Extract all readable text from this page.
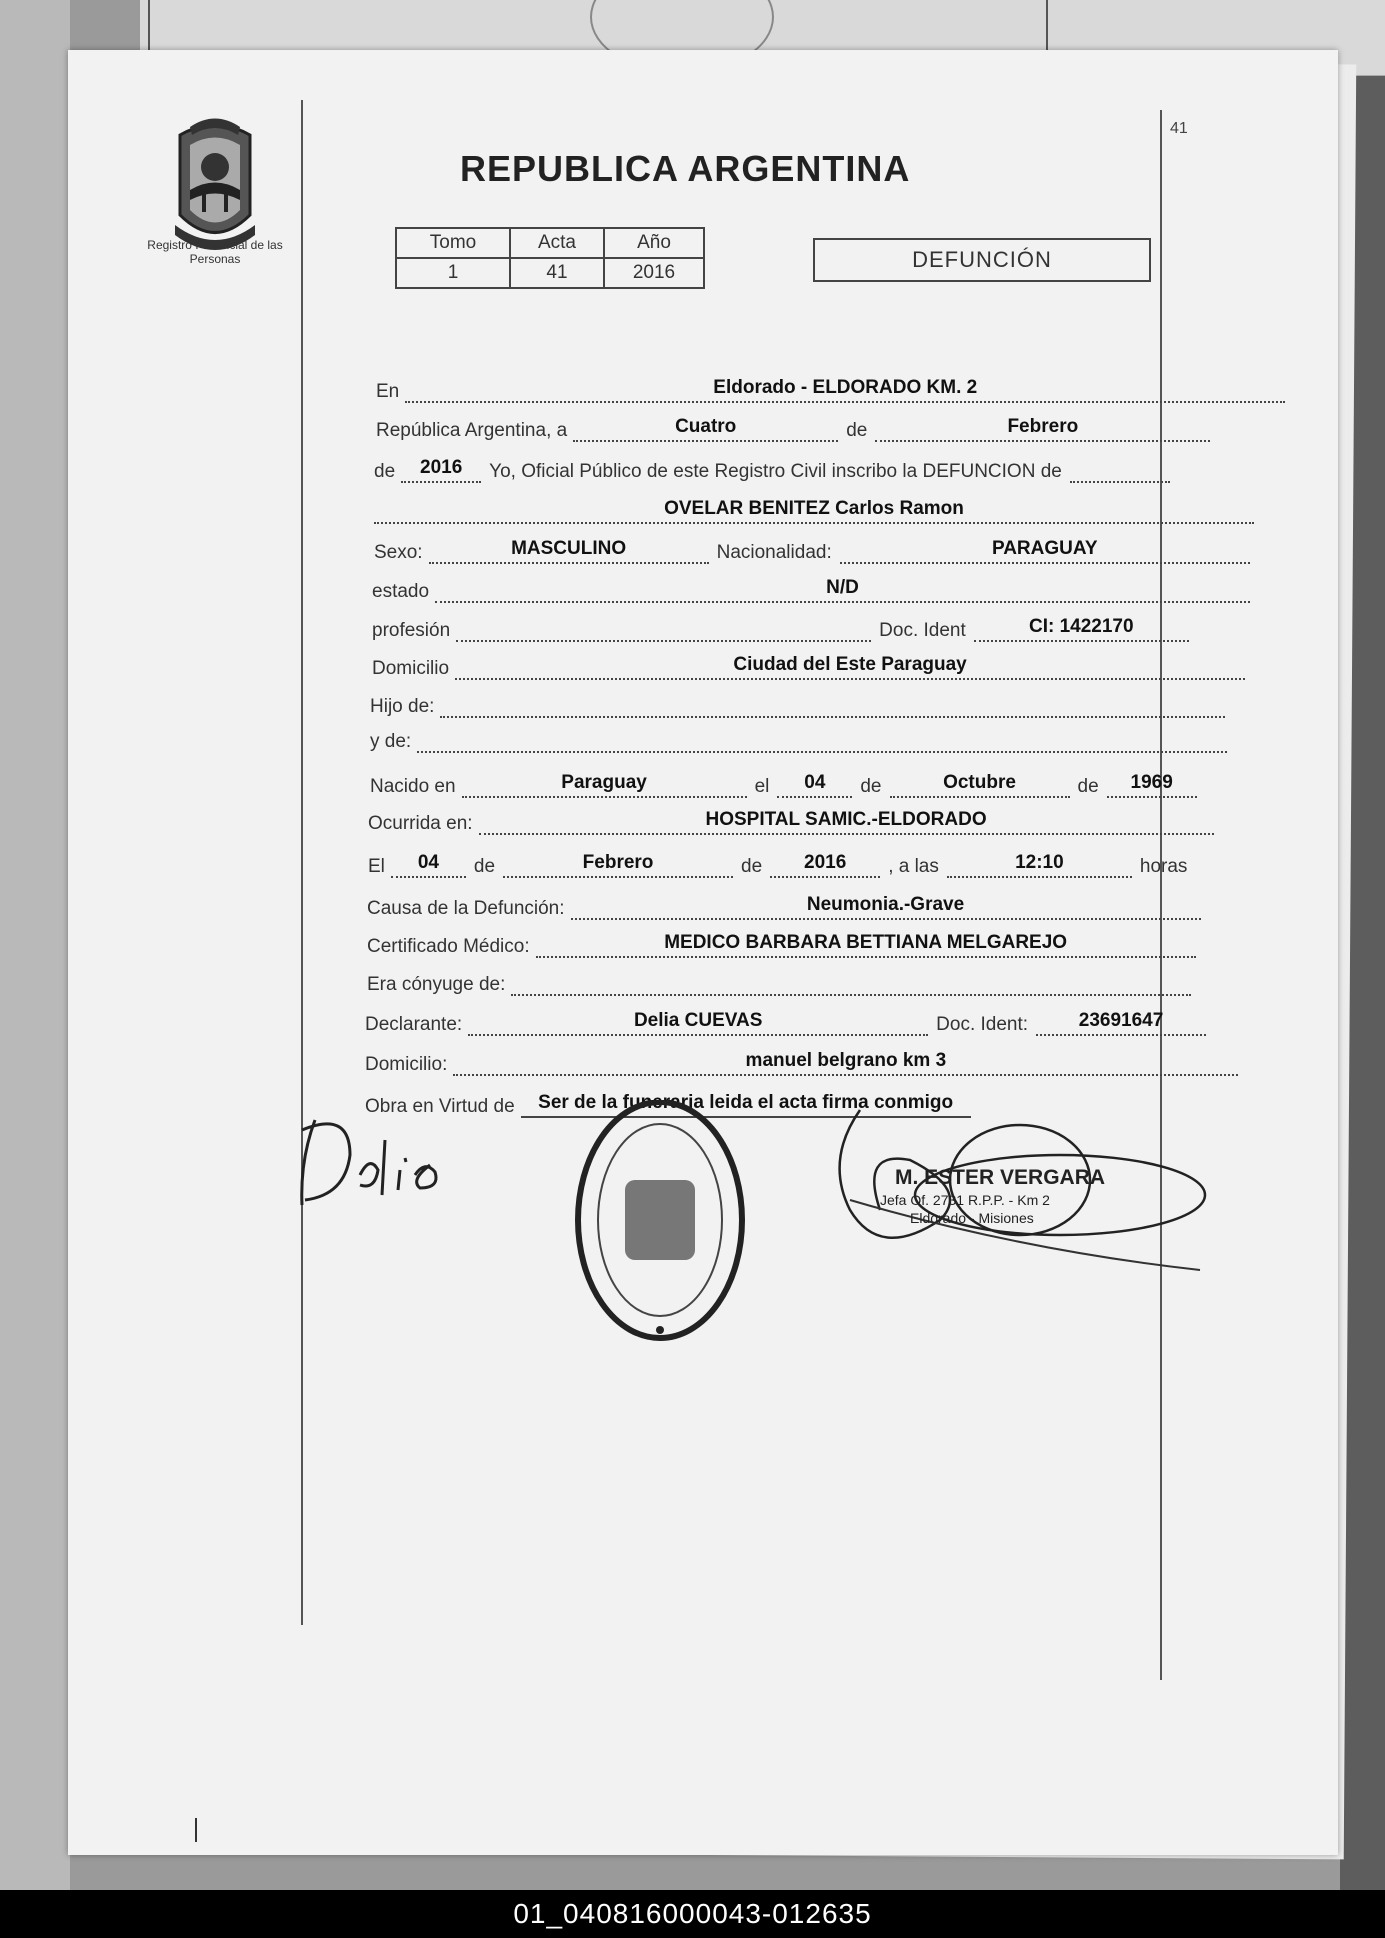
41
Registro Provincial de las Personas
REPUBLICA ARGENTINA
Tomo	Acta	Año
1	41	2016
DEFUNCIÓN
En	Eldorado - ELDORADO KM. 2
República Argentina, a	Cuatro	de	Febrero
de	2016	Yo, Oficial Público de este Registro Civil inscribo la DEFUNCION de
OVELAR BENITEZ Carlos Ramon
Sexo:	MASCULINO	Nacionalidad:	PARAGUAY
estado	N/D
profesión	Doc. Ident	CI: 1422170
Domicilio	Ciudad del Este Paraguay
Hijo de:
y de:
Nacido en	Paraguay	el	04	de	Octubre	de	1969
Ocurrida en:	HOSPITAL SAMIC.-ELDORADO
El	04	de	Febrero	de	2016	, a las	12:10	horas
Causa de la Defunción:	Neumonia.-Grave
Certificado Médico:	MEDICO BARBARA BETTIANA MELGAREJO
Era cónyuge de:
Declarante:	Delia CUEVAS	Doc. Ident:	23691647
Domicilio:	manuel belgrano km 3
Obra en Virtud de	Ser de la funeraria leida el acta firma conmigo
M. ESTER VERGARA
Jefa Of. 2731 R.P.P. - Km 2
Eldorado - Misiones
01_040816000043-012635
